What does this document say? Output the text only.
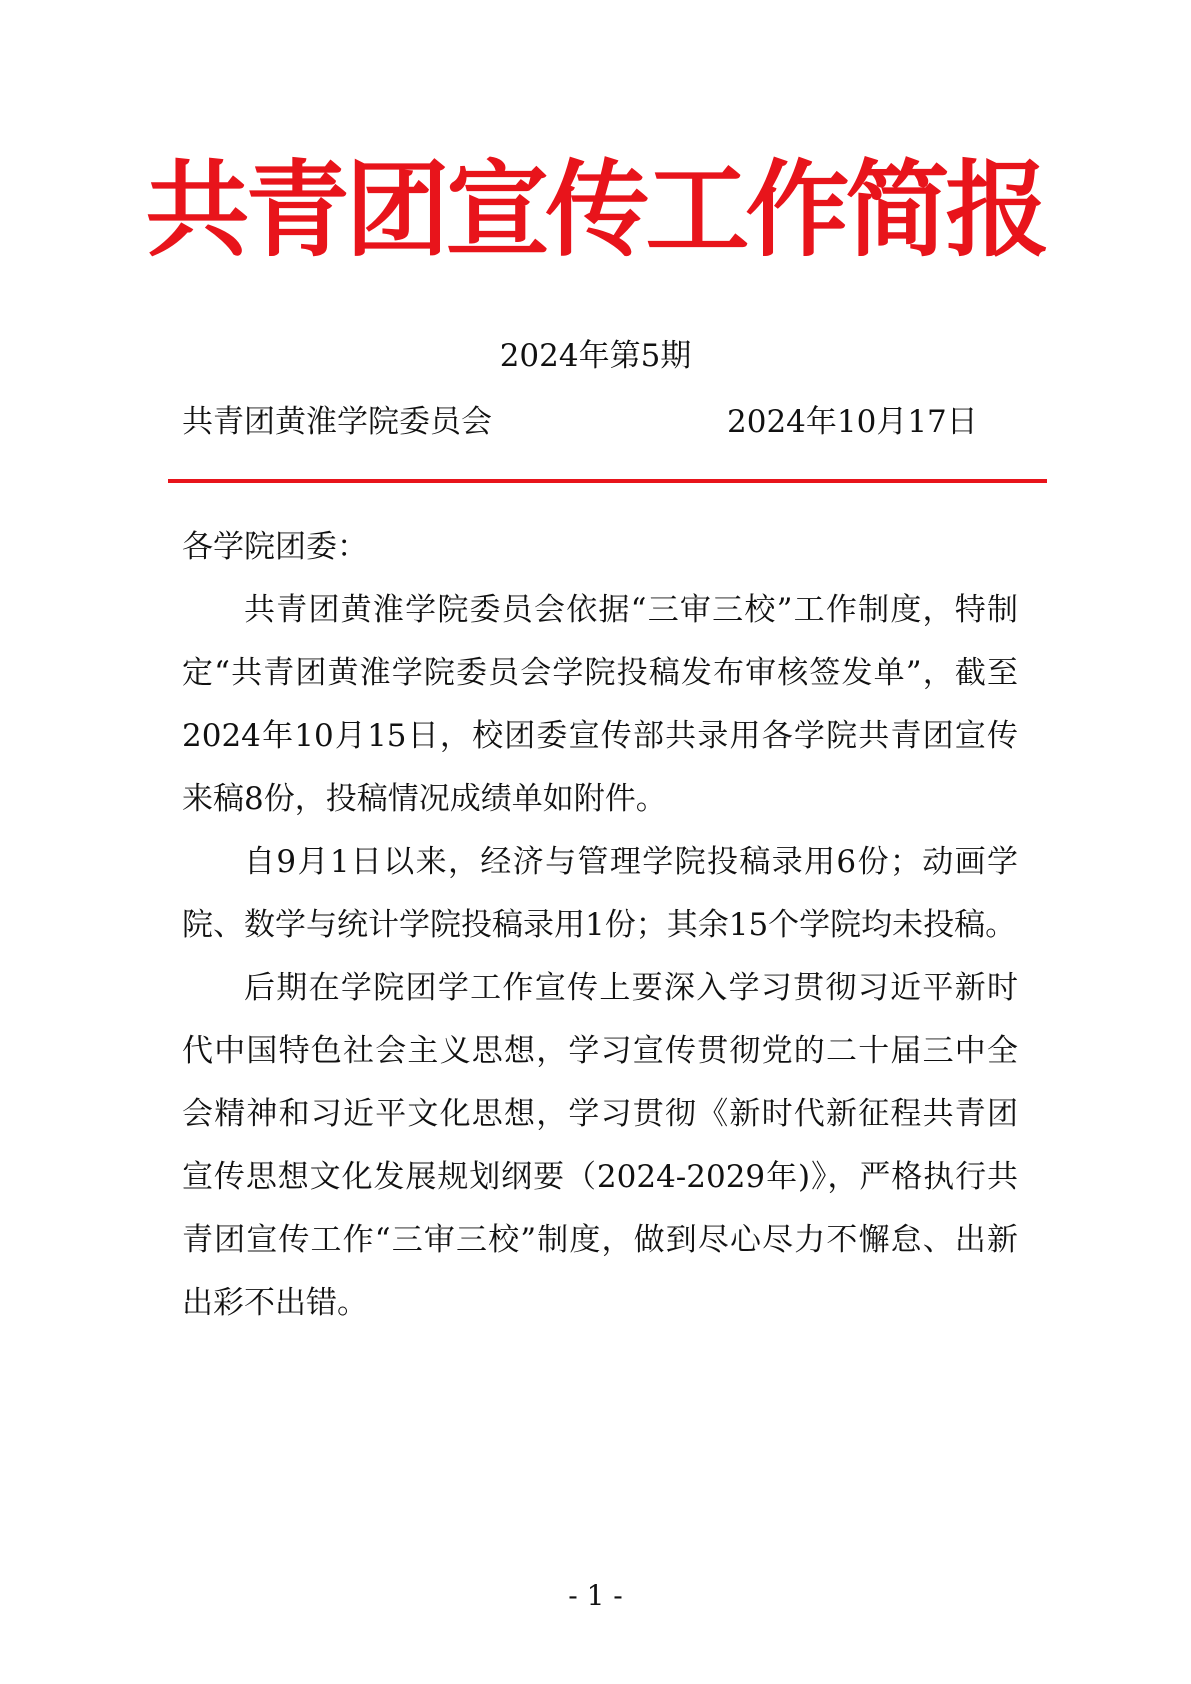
共青团宣传工作简报
2024年第5期
共青团黄淮学院委员会	2024年10月17日

各学院团委：

共青团黄淮学院委员会依据“三审三校”工作制度，特制定“共青团黄淮学院委员会学院投稿发布审核签发单”，截至2024年10月15日，校团委宣传部共录用各学院共青团宣传来稿8份，投稿情况成绩单如附件。

自9月1日以来，经济与管理学院投稿录用6份；动画学院、数学与统计学院投稿录用1份；其余15个学院均未投稿。

后期在学院团学工作宣传上要深入学习贯彻习近平新时代中国特色社会主义思想，学习宣传贯彻党的二十届三中全会精神和习近平文化思想，学习贯彻《新时代新征程共青团宣传思想文化发展规划纲要（2024-2029年)》，严格执行共青团宣传工作“三审三校”制度，做到尽心尽力不懈怠、出新出彩不出错。

- 1 -
